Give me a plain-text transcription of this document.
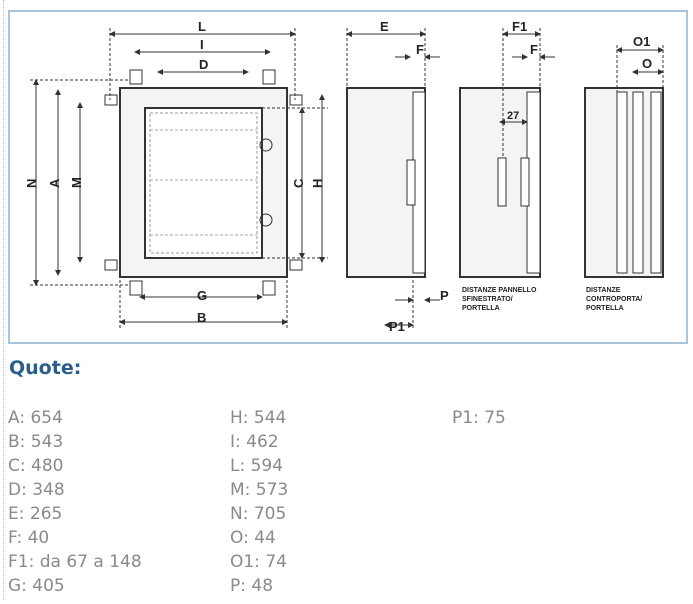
L
I
D
N A M	C H
G
B
E
F
P
P1
F1
F
27
O1
O
DISTANZE PANNELLO
SFINESTRATO/
PORTELLA
DISTANZE
CONTROPORTA/
PORTELLA
Quote:
A: 654
B: 543
C: 480
D: 348
E: 265
F: 40
F1: da 67 a 148
G: 405
H: 544
I: 462
L: 594
M: 573
N: 705
O: 44
O1: 74
P: 48
P1: 75
